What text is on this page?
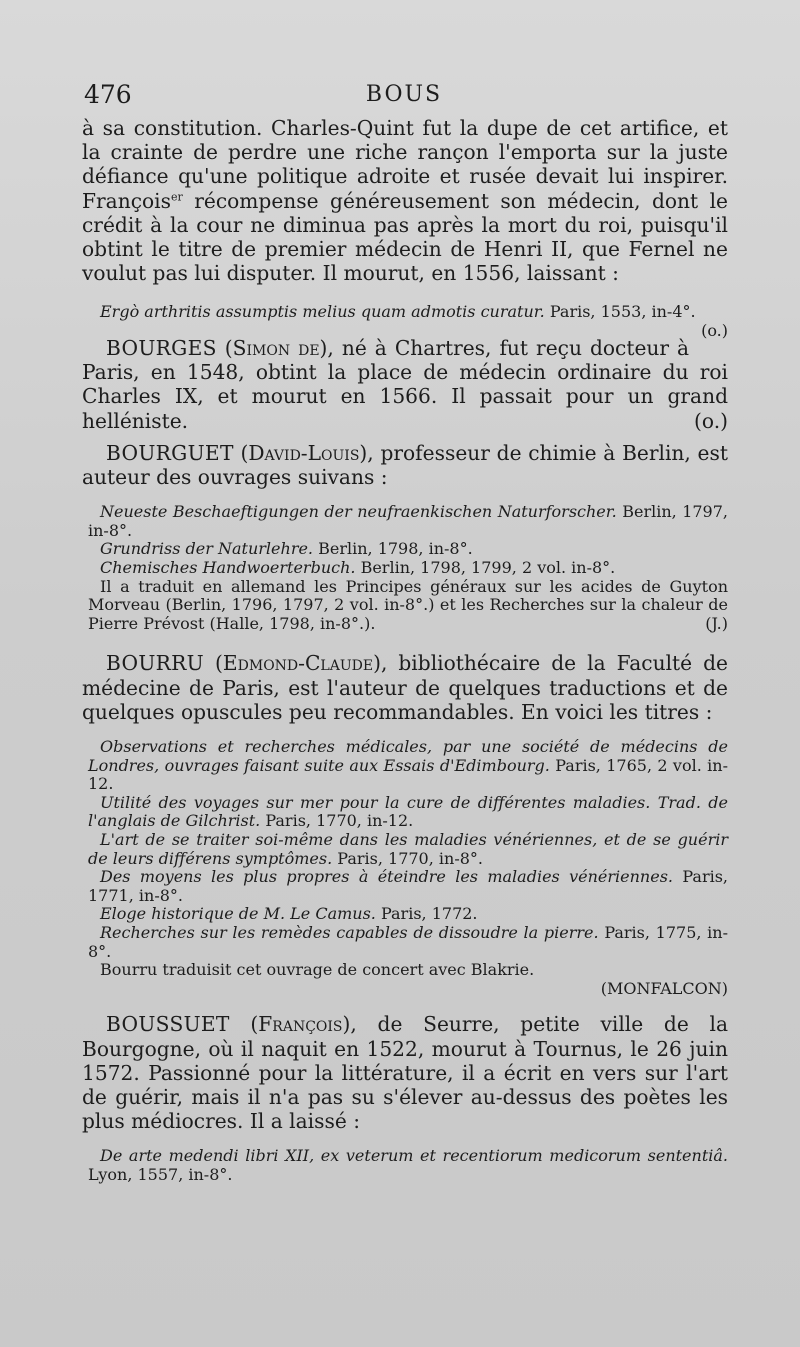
476	BOUS

à sa constitution. Charles-Quint fut la dupe de cet artifice, et la crainte de perdre une riche rançon l'emporta sur la juste défiance qu'une politique adroite et rusée devait lui inspirer. François$^{er}$ récompense généreusement son médecin, dont le crédit à la cour ne diminua pas après la mort du roi, puisqu'il obtint le titre de premier médecin de Henri II, que Fernel ne voulut pas lui disputer. Il mourut, en 1556, laissant :

Ergò arthritis assumptis melius quam admotis curatur. Paris, 1553, in-4°.
(o.)

BOURGES (Simon de), né à Chartres, fut reçu docteur à Paris, en 1548, obtint la place de médecin ordinaire du roi Charles IX, et mourut en 1566. Il passait pour un grand helléniste.	(o.)

BOURGUET (David-Louis), professeur de chimie à Berlin, est auteur des ouvrages suivans :

Neueste Beschaeftigungen der neufraenkischen Naturforscher. Berlin, 1797, in-8°.

Grundriss der Naturlehre. Berlin, 1798, in-8°.

Chemisches Handwoerterbuch. Berlin, 1798, 1799, 2 vol. in-8°.

Il a traduit en allemand les Principes généraux sur les acides de Guyton Morveau (Berlin, 1796, 1797, 2 vol. in-8°.) et les Recherches sur la chaleur de Pierre Prévost (Halle, 1798, in-8°.).	(J.)

BOURRU (Edmond-Claude), bibliothécaire de la Faculté de médecine de Paris, est l'auteur de quelques traductions et de quelques opuscules peu recommandables. En voici les titres :

Observations et recherches médicales, par une société de médecins de Londres, ouvrages faisant suite aux Essais d'Edimbourg. Paris, 1765, 2 vol. in-12.

Utilité des voyages sur mer pour la cure de différentes maladies. Trad. de l'anglais de Gilchrist. Paris, 1770, in-12.

L'art de se traiter soi-même dans les maladies vénériennes, et de se guérir de leurs différens symptômes. Paris, 1770, in-8°.

Des moyens les plus propres à éteindre les maladies vénériennes. Paris, 1771, in-8°.

Eloge historique de M. Le Camus. Paris, 1772.

Recherches sur les remèdes capables de dissoudre la pierre. Paris, 1775, in-8°.

Bourru traduisit cet ouvrage de concert avec Blakrie.

(MONFALCON)

BOUSSUET (François), de Seurre, petite ville de la Bourgogne, où il naquit en 1522, mourut à Tournus, le 26 juin 1572. Passionné pour la littérature, il a écrit en vers sur l'art de guérir, mais il n'a pas su s'élever au-dessus des poètes les plus médiocres. Il a laissé :

De arte medendi libri XII, ex veterum et recentiorum medicorum sententiâ. Lyon, 1557, in-8°.
